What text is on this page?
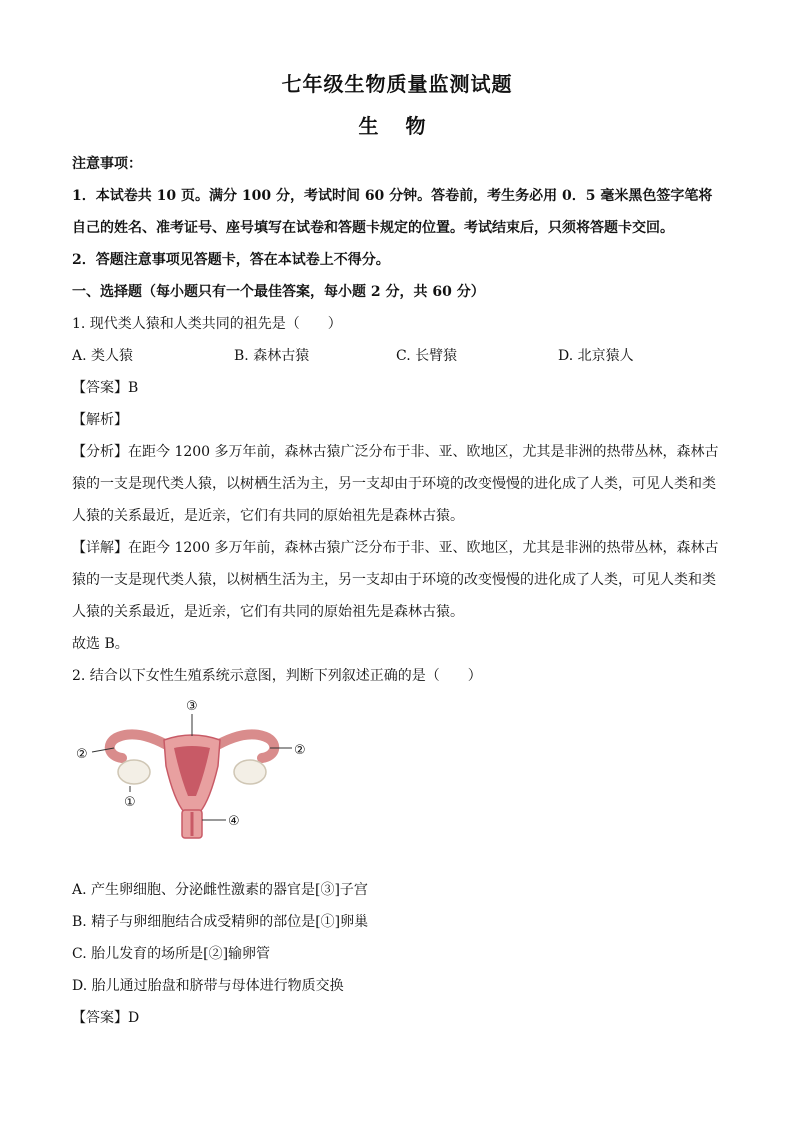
七年级生物质量监测试题
生 物

注意事项：

1．本试卷共 10 页。满分 100 分，考试时间 60 分钟。答卷前，考生务必用 0．5 毫米黑色签字笔将自己的姓名、准考证号、座号填写在试卷和答题卡规定的位置。考试结束后，只须将答题卡交回。

2．答题注意事项见答题卡，答在本试卷上不得分。

一、选择题（每小题只有一个最佳答案，每小题 2 分，共 60 分）

1. 现代类人猿和人类共同的祖先是（　　）

A. 类人猿	B. 森林古猿	C. 长臂猿	D. 北京猿人

【答案】B

【解析】

【分析】在距今 1200 多万年前，森林古猿广泛分布于非、亚、欧地区，尤其是非洲的热带丛林，森林古猿的一支是现代类人猿，以树栖生活为主，另一支却由于环境的改变慢慢的进化成了人类，可见人类和类人猿的关系最近，是近亲，它们有共同的原始祖先是森林古猿。

【详解】在距今 1200 多万年前，森林古猿广泛分布于非、亚、欧地区，尤其是非洲的热带丛林，森林古猿的一支是现代类人猿，以树栖生活为主，另一支却由于环境的改变慢慢的进化成了人类，可见人类和类人猿的关系最近，是近亲，它们有共同的原始祖先是森林古猿。

故选 B。

2. 结合以下女性生殖系统示意图，判断下列叙述正确的是（　　）

③
②	②
①
④

A. 产生卵细胞、分泌雌性激素的器官是[③]子宫

B. 精子与卵细胞结合成受精卵的部位是[①]卵巢

C. 胎儿发育的场所是[②]输卵管

D. 胎儿通过胎盘和脐带与母体进行物质交换

【答案】D
